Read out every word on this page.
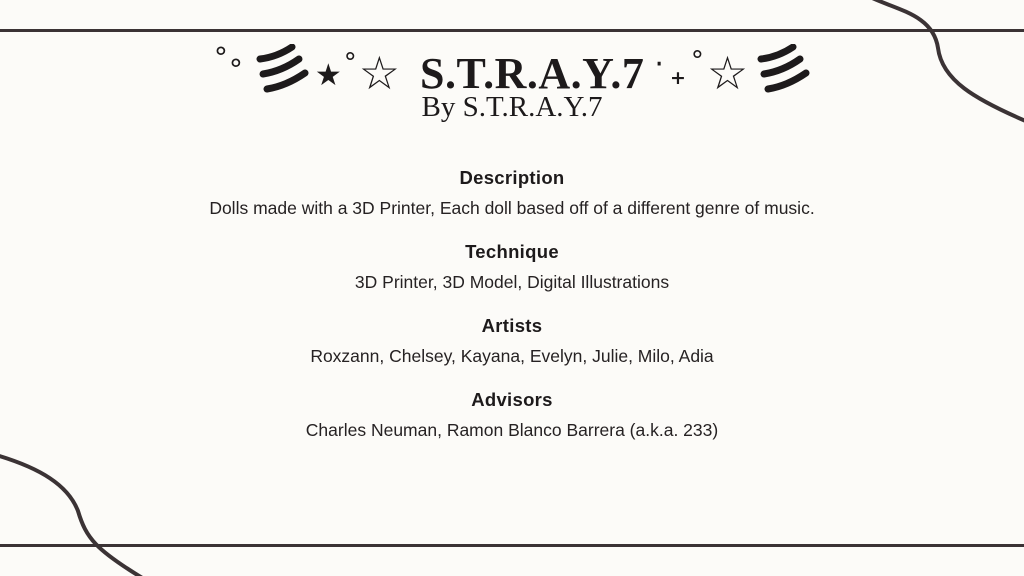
° ° ★ ° ☆ S.T.R.A.Y.7 · +
° ☆
By S.T.R.A.Y.7
Description

Dolls made with a 3D Printer, Each doll based off of a different genre of music.

Technique

3D Printer, 3D Model, Digital Illustrations

Artists

Roxzann, Chelsey, Kayana, Evelyn, Julie, Milo, Adia

Advisors

Charles Neuman, Ramon Blanco Barrera (a.k.a. 233)
